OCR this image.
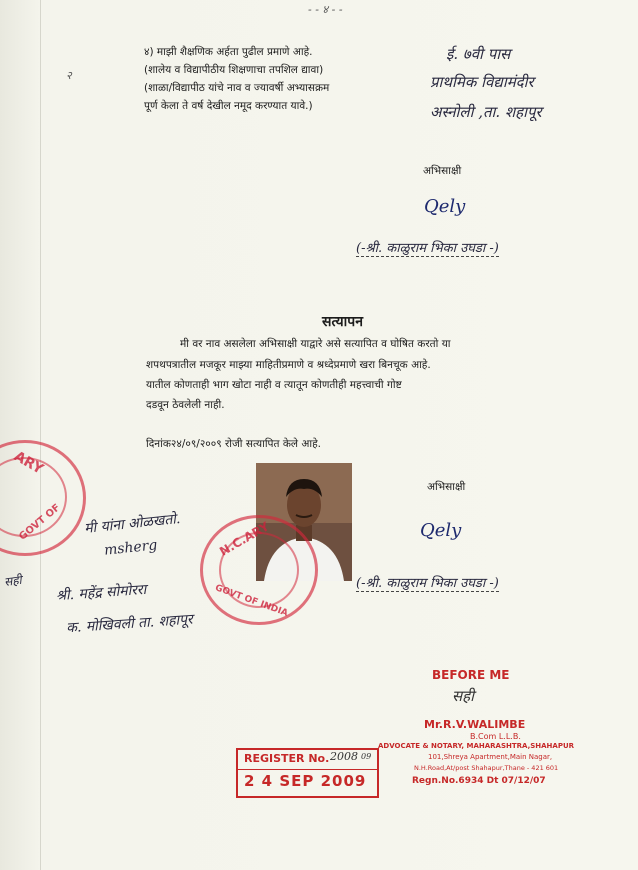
- - ४ - -
२
४) माझी शैक्षणिक अर्हता पुढील प्रमाणे आहे.
(शालेय व विद्यापीठीय शिक्षणाचा तपशिल द्यावा)
(शाळा/विद्यापीठ यांचे नाव व ज्यावर्षी अभ्यासक्रम
पूर्ण केला ते वर्ष देखील नमूद करण्यात यावे.)
ई. ७वी पास
प्राथमिक विद्यामंदीर
अस्नोली ,ता. शहापूर
अभिसाक्षी
Qely
(-श्री. काळुराम भिका उघडा -)
सत्यापन
मी वर नाव असलेला अभिसाक्षी याद्वारे असे सत्यापित व घोषित करतो या
शपथपत्रातील मजकूर माझ्या माहितीप्रमाणे व श्रध्देप्रमाणे खरा बिनचूक आहे.
यातील कोणताही भाग खोटा नाही व त्यातून कोणतीही महत्त्वाची गोष्ट
दडवून ठेवलेली नाही.
दिनांक२४/०९/२००९ रोजी सत्यापित केले आहे.
अभिसाक्षी
Qely
(-श्री. काळुराम भिका उघडा -)
ARY
GOVT OF मी यांना ओळखतो.
msherg
श्री. महेंद्र सोमोररा
क. मोखिवली ता. शहापूर
सही
N.C.ARY
GOVT OF INDIA
BEFORE ME
सही
Mr.R.V.WALIMBE
B.Com L.L.B.
ADVOCATE & NOTARY, MAHARASHTRA,SHAHAPUR
101,Shreya Apartment,Main Nagar,
N.H.Road,At/post Shahapur,Thane - 421 601
Regn.No.6934 Dt 07/12/07
REGISTER No. 2008 09
2 4 SEP 2009
